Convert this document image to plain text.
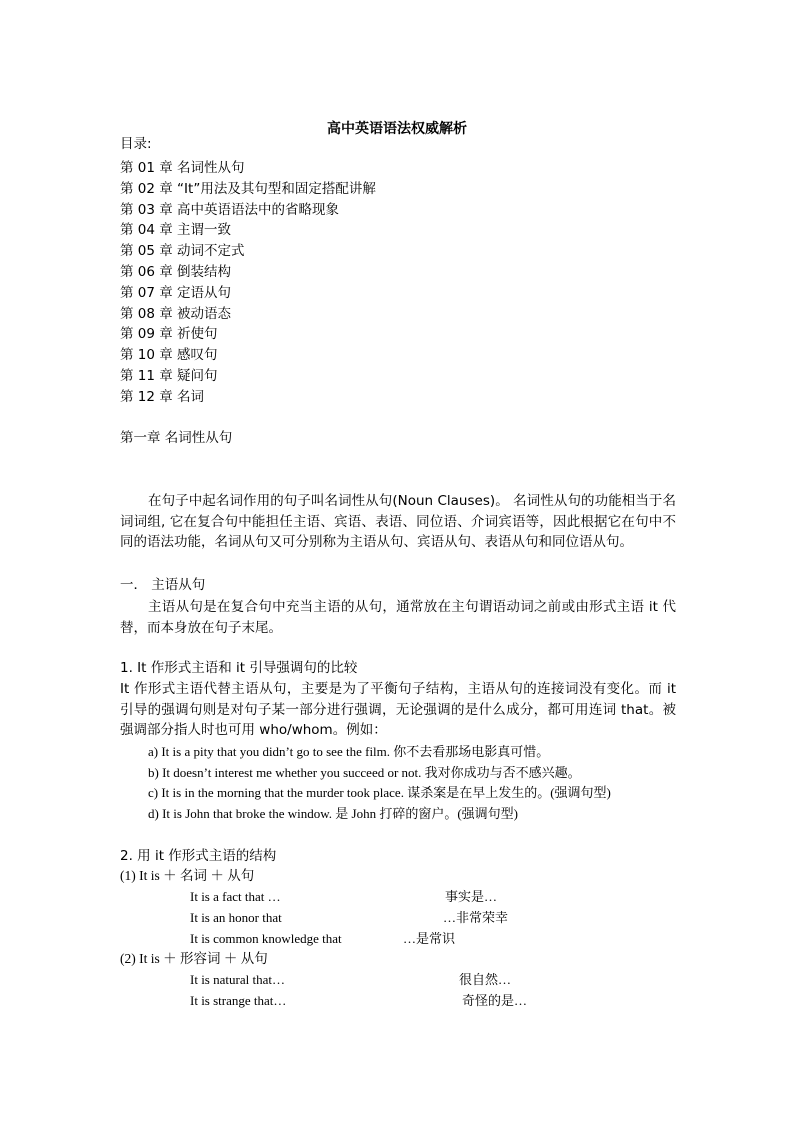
高中英语语法权威解析
目录:
第 01 章 名词性从句
第 02 章 “It”用法及其句型和固定搭配讲解
第 03 章 高中英语语法中的省略现象
第 04 章 主谓一致
第 05 章 动词不定式
第 06 章 倒装结构
第 07 章 定语从句
第 08 章 被动语态
第 09 章 祈使句
第 10 章 感叹句
第 11 章 疑问句
第 12 章 名词
第一章 名词性从句
在句子中起名词作用的句子叫名词性从句(Noun Clauses)。 名词性从句的功能相当于名词词组, 它在复合句中能担任主语、宾语、表语、同位语、介词宾语等，因此根据它在句中不同的语法功能，名词从句又可分别称为主语从句、宾语从句、表语从句和同位语从句。
一． 主语从句
主语从句是在复合句中充当主语的从句，通常放在主句谓语动词之前或由形式主语 it 代替，而本身放在句子末尾。
1. It 作形式主语和 it 引导强调句的比较
It 作形式主语代替主语从句，主要是为了平衡句子结构，主语从句的连接词没有变化。而 it 引导的强调句则是对句子某一部分进行强调，无论强调的是什么成分，都可用连词 that。被强调部分指人时也可用 who/whom。例如：
a) It is a pity that you didn’t go to see the film. 你不去看那场电影真可惜。
b) It doesn’t interest me whether you succeed or not. 我对你成功与否不感兴趣。
c) It is in the morning that the murder took place. 谋杀案是在早上发生的。(强调句型)
d) It is John that broke the window. 是 John 打碎的窗户。(强调句型)
2. 用 it 作形式主语的结构
(1) It is ＋ 名词 ＋ 从句
It is a fact that …	事实是…
It is an honor that	…非常荣幸
It is common knowledge that	…是常识
(2) It is ＋ 形容词 ＋ 从句
It is natural that…	很自然…
It is strange that…	奇怪的是…
